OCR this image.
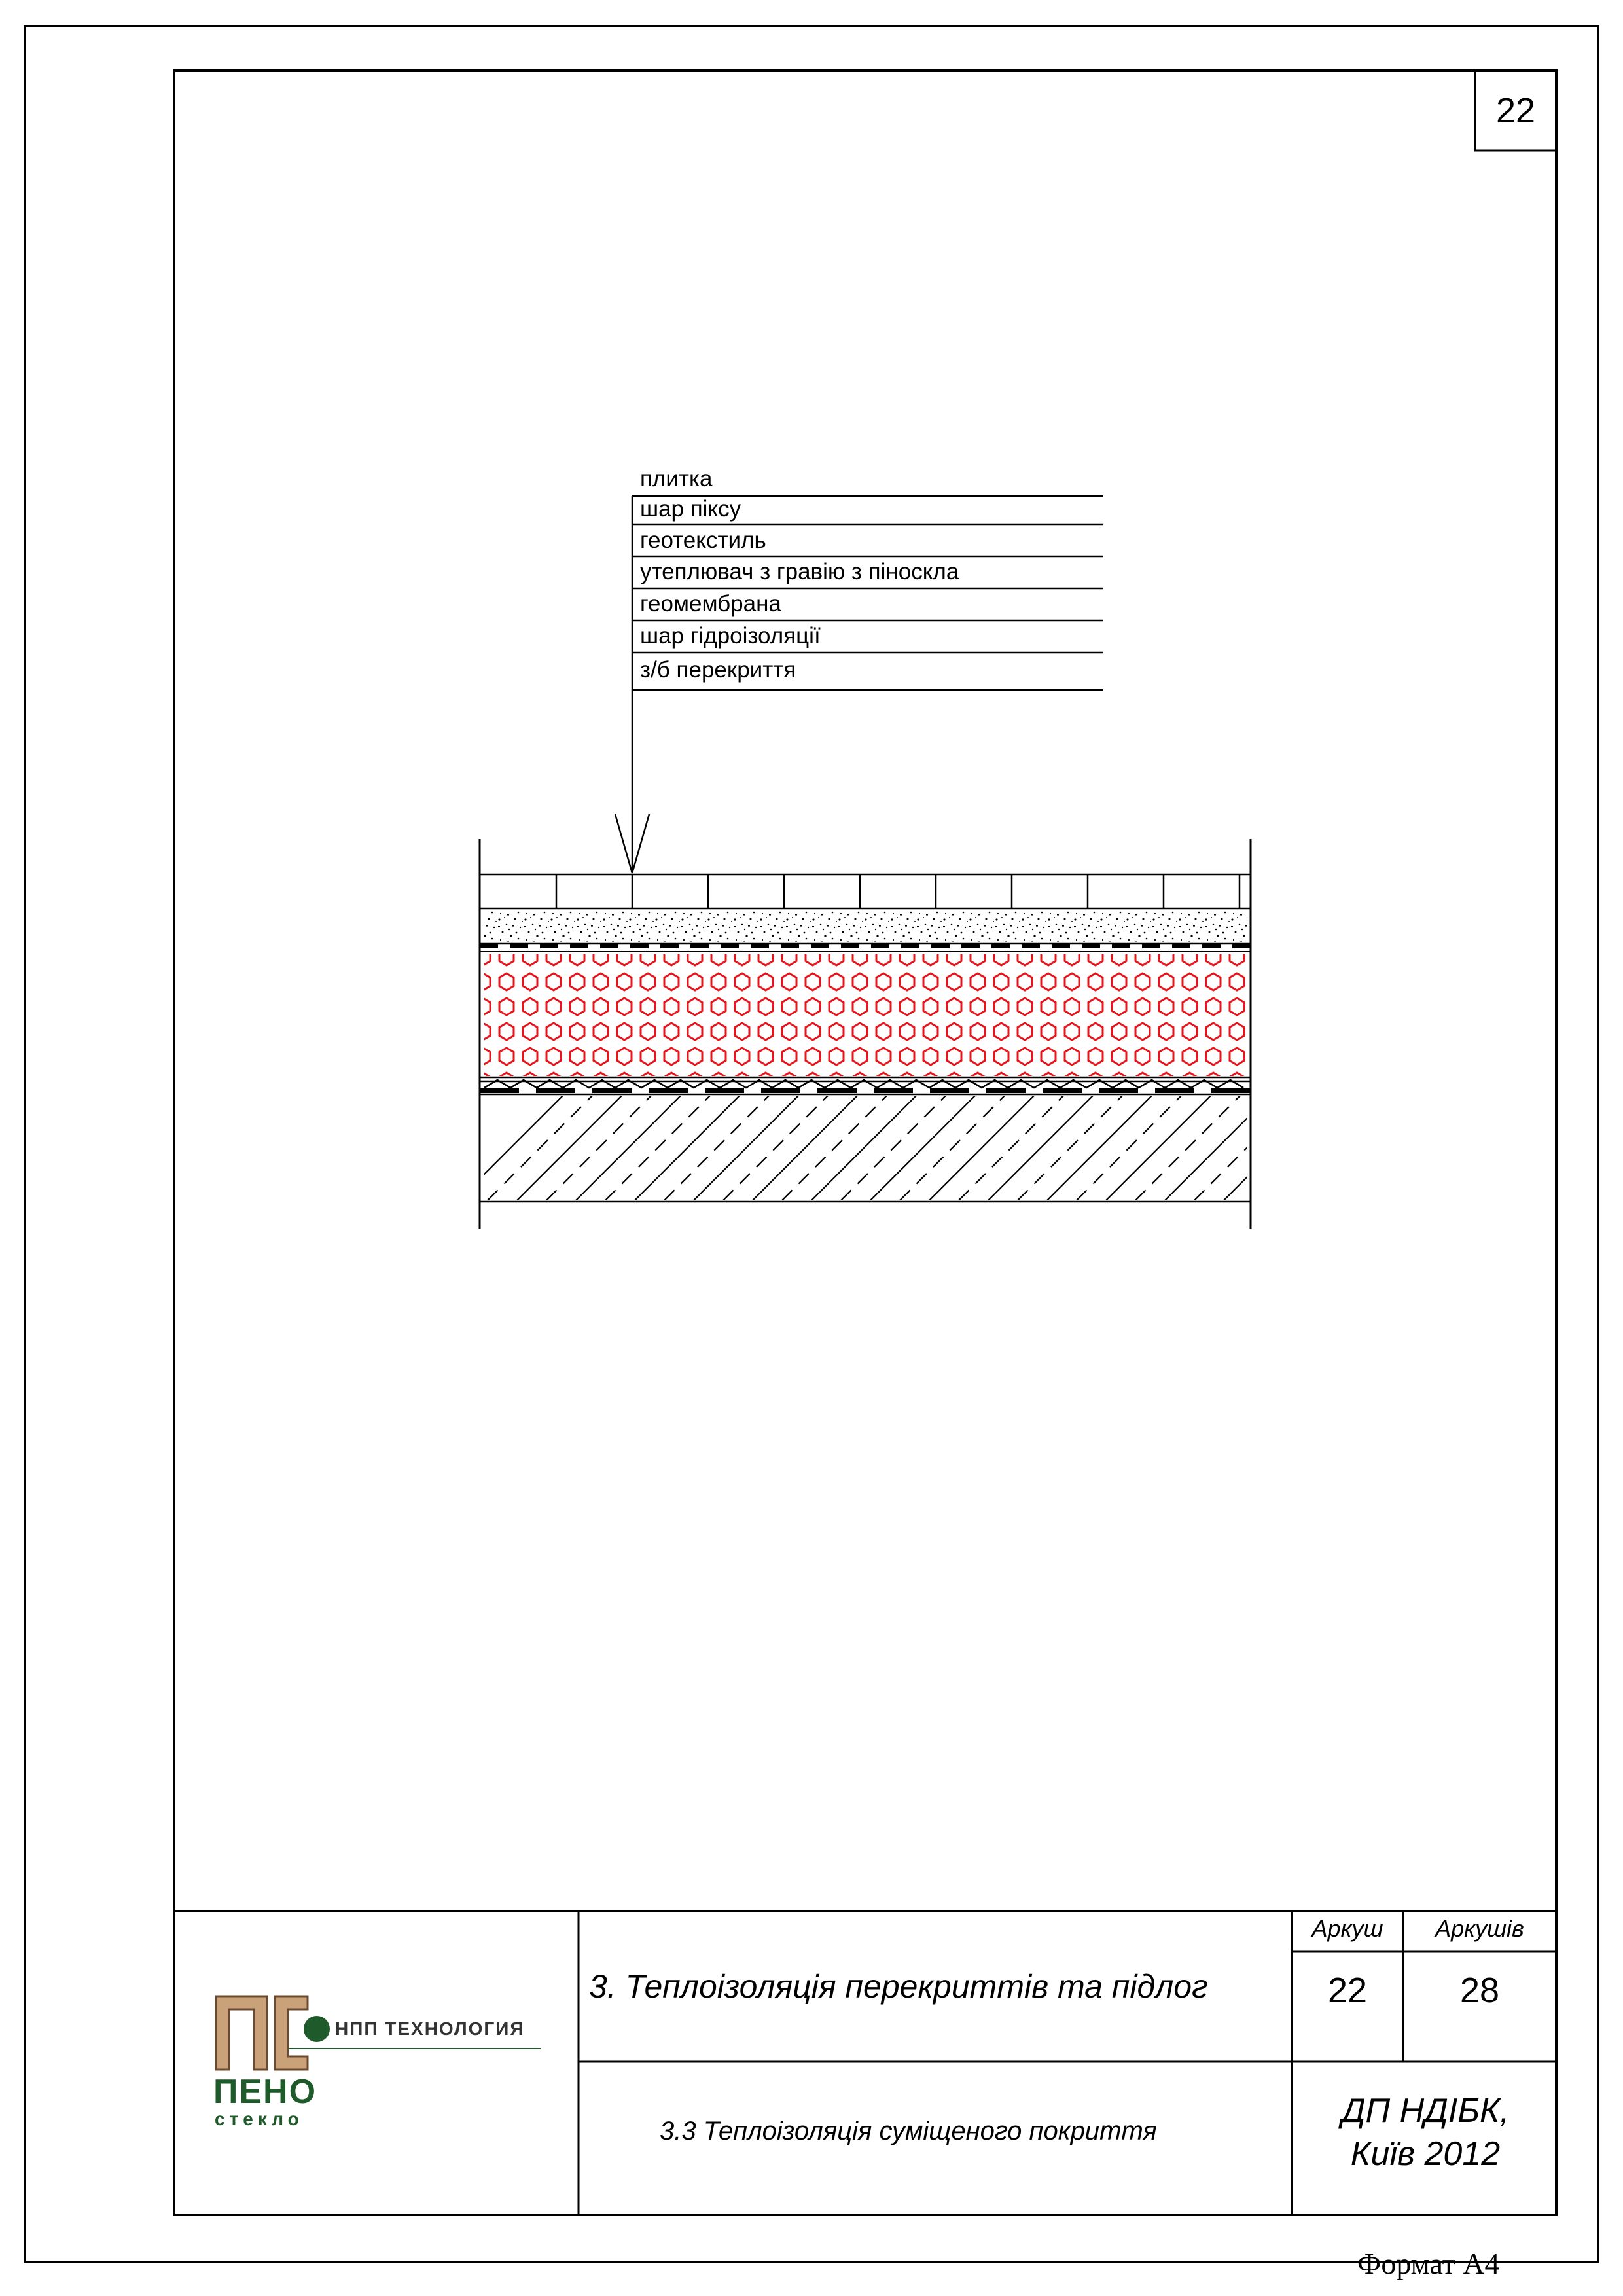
22
плитка
шар піксу
геотекстиль
утеплювач з гравію з піноскла
геомембрана
шар гідроізоляції
з/б перекриття
НПП ТЕХНОЛОГИЯ
ПЕНО
стекло
3. Теплоізоляція перекриттів та підлог
3.3 Теплоізоляція суміщеного покриття
Аркуш	Аркушів
22	28
ДП НДІБК,
Київ 2012
Формат А4
